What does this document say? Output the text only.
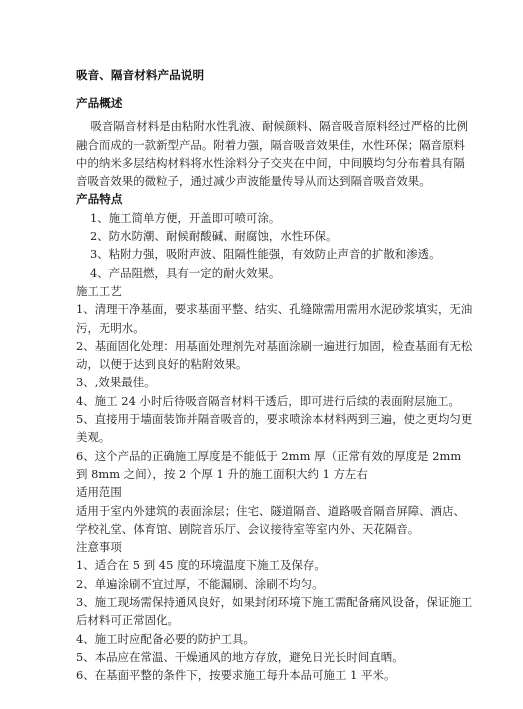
吸音、隔音材料产品说明

产品概述

吸音隔音材料是由粘附水性乳液、耐候颜料、隔音吸音原料经过严格的比例融合而成的一款新型产品。附着力强，隔音吸音效果佳，水性环保；隔音原料中的纳米多层结构材料将水性涂料分子交夹在中间，中间膜均匀分布着具有隔音吸音效果的微粒子，通过减少声波能量传导从而达到隔音吸音效果。

产品特点

1、施工简单方便，开盖即可喷可涂。
2、防水防潮、耐候耐酸碱、耐腐蚀，水性环保。
3、粘附力强，吸附声波、阻隔性能强，有效防止声音的扩散和渗透。
4、产品阻燃，具有一定的耐火效果。

施工工艺

1、清理干净基面，要求基面平整、结实、孔缝隙需用需用水泥砂浆填实，无油污，无明水。
2、基面固化处理：用基面处理剂先对基面涂刷一遍进行加固，检查基面有无松动，以便于达到良好的粘附效果。
3、,效果最佳。
4、施工 24 小时后待吸音隔音材料干透后，即可进行后续的表面附层施工。
5、直接用于墙面装饰并隔音吸音的，要求喷涂本材料两到三遍，使之更均匀更美观。
6、这个产品的正确施工厚度是不能低于 2mm 厚（正常有效的厚度是 2mm 到 8mm 之间），按 2 个厚 1 升的施工面积大约 1 方左右

适用范围

适用于室内外建筑的表面涂层；住宅、隧道隔音、道路吸音隔音屏障、酒店、学校礼堂、体育馆、剧院音乐厅、会议接待室等室内外、天花隔音。

注意事项

1、适合在 5 到 45 度的环境温度下施工及保存。
2、单遍涂刷不宜过厚，不能漏刷、涂刷不均匀。
3、施工现场需保持通风良好，如果封闭环境下施工需配备痛风设备，保证施工后材料可正常固化。
4、施工时应配备必要的防护工具。
5、本品应在常温、干燥通风的地方存放，避免日光长时间直晒。
6、在基面平整的条件下，按要求施工每升本品可施工 1 平米。
